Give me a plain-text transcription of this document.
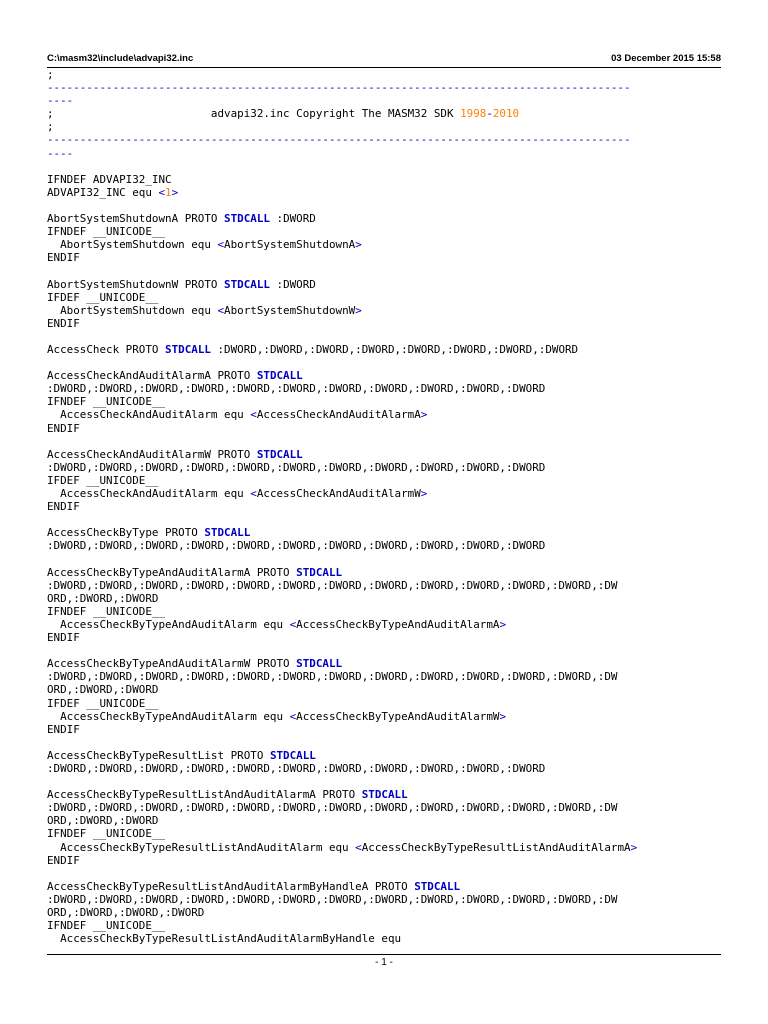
C:\masm32\include\advapi32.inc	03 December 2015 15:58
;
-----------------------------------------------------------------------------------------
----
;                        advapi32.inc Copyright The MASM32 SDK 1998-2010
;
-----------------------------------------------------------------------------------------
----
IFNDEF ADVAPI32_INC
ADVAPI32_INC equ <1>
AbortSystemShutdownA PROTO STDCALL :DWORD
IFNDEF __UNICODE__
AbortSystemShutdown equ <AbortSystemShutdownA>
ENDIF
AbortSystemShutdownW PROTO STDCALL :DWORD
IFDEF __UNICODE__
AbortSystemShutdown equ <AbortSystemShutdownW>
ENDIF
AccessCheck PROTO STDCALL :DWORD,:DWORD,:DWORD,:DWORD,:DWORD,:DWORD,:DWORD,:DWORD
AccessCheckAndAuditAlarmA PROTO STDCALL
:DWORD,:DWORD,:DWORD,:DWORD,:DWORD,:DWORD,:DWORD,:DWORD,:DWORD,:DWORD,:DWORD
IFNDEF __UNICODE__
AccessCheckAndAuditAlarm equ <AccessCheckAndAuditAlarmA>
ENDIF
AccessCheckAndAuditAlarmW PROTO STDCALL
:DWORD,:DWORD,:DWORD,:DWORD,:DWORD,:DWORD,:DWORD,:DWORD,:DWORD,:DWORD,:DWORD
IFDEF __UNICODE__
AccessCheckAndAuditAlarm equ <AccessCheckAndAuditAlarmW>
ENDIF
AccessCheckByType PROTO STDCALL
:DWORD,:DWORD,:DWORD,:DWORD,:DWORD,:DWORD,:DWORD,:DWORD,:DWORD,:DWORD,:DWORD
AccessCheckByTypeAndAuditAlarmA PROTO STDCALL
:DWORD,:DWORD,:DWORD,:DWORD,:DWORD,:DWORD,:DWORD,:DWORD,:DWORD,:DWORD,:DWORD,:DWORD,:DW
ORD,:DWORD,:DWORD
IFNDEF __UNICODE__
AccessCheckByTypeAndAuditAlarm equ <AccessCheckByTypeAndAuditAlarmA>
ENDIF
AccessCheckByTypeAndAuditAlarmW PROTO STDCALL
:DWORD,:DWORD,:DWORD,:DWORD,:DWORD,:DWORD,:DWORD,:DWORD,:DWORD,:DWORD,:DWORD,:DWORD,:DW
ORD,:DWORD,:DWORD
IFDEF __UNICODE__
AccessCheckByTypeAndAuditAlarm equ <AccessCheckByTypeAndAuditAlarmW>
ENDIF
AccessCheckByTypeResultList PROTO STDCALL
:DWORD,:DWORD,:DWORD,:DWORD,:DWORD,:DWORD,:DWORD,:DWORD,:DWORD,:DWORD,:DWORD
AccessCheckByTypeResultListAndAuditAlarmA PROTO STDCALL
:DWORD,:DWORD,:DWORD,:DWORD,:DWORD,:DWORD,:DWORD,:DWORD,:DWORD,:DWORD,:DWORD,:DWORD,:DW
ORD,:DWORD,:DWORD
IFNDEF __UNICODE__
AccessCheckByTypeResultListAndAuditAlarm equ <AccessCheckByTypeResultListAndAuditAlarmA>
ENDIF
AccessCheckByTypeResultListAndAuditAlarmByHandleA PROTO STDCALL
:DWORD,:DWORD,:DWORD,:DWORD,:DWORD,:DWORD,:DWORD,:DWORD,:DWORD,:DWORD,:DWORD,:DWORD,:DW
ORD,:DWORD,:DWORD,:DWORD
IFNDEF __UNICODE__
AccessCheckByTypeResultListAndAuditAlarmByHandle equ
- 1 -
